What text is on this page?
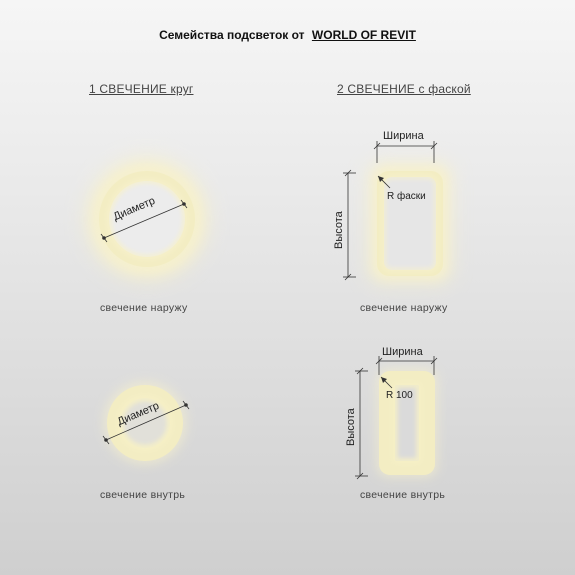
Семейства подсветок от WORLD OF REVIT
1 СВЕЧЕНИЕ круг	2 СВЕЧЕНИЕ с фаской
Диаметр
Диаметр
свечение наружу
свечение внутрь
Ширина
Высота
R фаски
свечение наружу
Ширина
Высота
R 100
свечение внутрь
